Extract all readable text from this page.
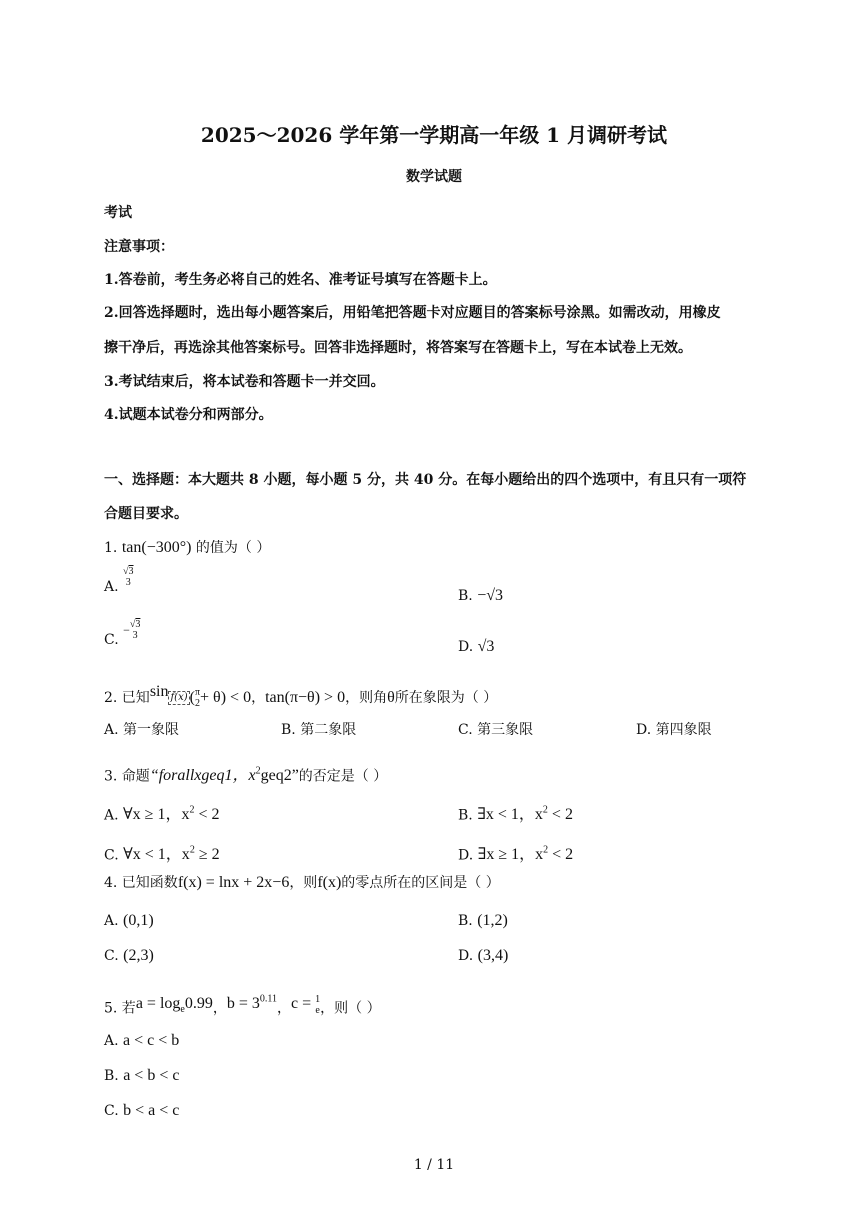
2025～2026 学年第一学期高一年级 1 月调研考试
数学试题
考试
注意事项：
1.答卷前，考生务必将自己的姓名、准考证号填写在答题卡上。
2.回答选择题时，选出每小题答案后，用铅笔把答题卡对应题目的答案标号涂黑。如需改动，用橡皮
擦干净后，再选涂其他答案标号。回答非选择题时，将答案写在答题卡上，写在本试卷上无效。
3.考试结束后，将本试卷和答题卡一并交回。
4.试题本试卷分和两部分。
一、选择题：本大题共 8 小题，每小题 5 分，共 40 分。在每小题给出的四个选项中，有且只有一项符
合题目要求。
1. tan(−300°) 的值为（ ）
A.
√3
3
B. −√3
C. − √3
3
D. √3
2. 已知sin f(x) ( π
2 + θ) < 0，tan(π−θ) > 0，则角θ所在象限为（ ）
A. 第一象限	B. 第二象限	C. 第三象限	D. 第四象限
3. 命题“forallxgeq1，$x^2geq2$”的否定是（ ）
A. ∀x ≥ 1，$x^2 < 2$	B. ∃x < 1，$x^2 < 2$
C. ∀x < 1，$x^2 \ge 2$	D. ∃x ≥ 1，$x^2 < 2$
4. 已知函数f(x) = lnx + 2x−6，则f(x)的零点所在的区间是（ ）
A. (0,1)	B. (1,2)
C. (2,3)	D. (3,4)
5. 若$a = \log_e0.99$，$b = 3^{0.11}$，c = 1
e ，则（ ）
A. a < c < b
B. a < b < c
C. b < a < c
1 / 11
